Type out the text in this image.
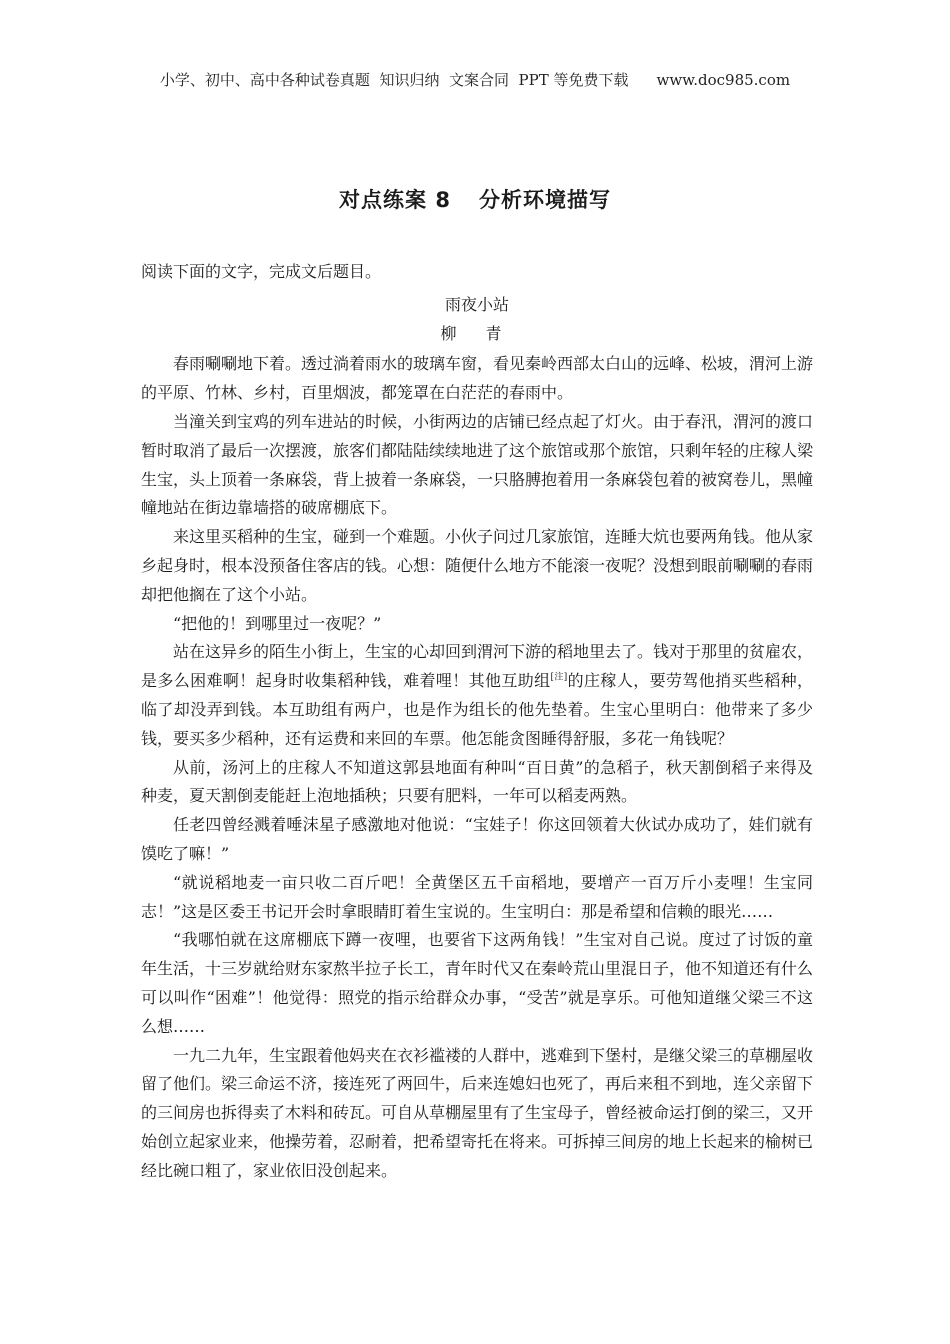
小学、初中、高中各种试卷真题  知识归纳  文案合同  PPT 等免费下载 www.doc985.com
对点练案 8 分析环境描写

阅读下面的文字，完成文后题目。

雨夜小站

柳 青

春雨唰唰地下着。透过淌着雨水的玻璃车窗，看见秦岭西部太白山的远峰、松坡，渭河上游的平原、竹林、乡村，百里烟波，都笼罩在白茫茫的春雨中。

当潼关到宝鸡的列车进站的时候，小街两边的店铺已经点起了灯火。由于春汛，渭河的渡口暂时取消了最后一次摆渡，旅客们都陆陆续续地进了这个旅馆或那个旅馆，只剩年轻的庄稼人梁生宝，头上顶着一条麻袋，背上披着一条麻袋，一只胳膊抱着用一条麻袋包着的被窝卷儿，黑幢幢地站在街边靠墙搭的破席棚底下。

来这里买稻种的生宝，碰到一个难题。小伙子问过几家旅馆，连睡大炕也要两角钱。他从家乡起身时，根本没预备住客店的钱。心想：随便什么地方不能滚一夜呢？没想到眼前唰唰的春雨却把他搁在了这个小站。

“把他的！到哪里过一夜呢？”

站在这异乡的陌生小街上，生宝的心却回到渭河下游的稻地里去了。钱对于那里的贫雇农，是多么困难啊！起身时收集稻种钱，难着哩！其他互助组[注]的庄稼人，要劳驾他捎买些稻种，临了却没弄到钱。本互助组有两户，也是作为组长的他先垫着。生宝心里明白：他带来了多少钱，要买多少稻种，还有运费和来回的车票。他怎能贪图睡得舒服，多花一角钱呢？

从前，汤河上的庄稼人不知道这郭县地面有种叫“百日黄”的急稻子，秋天割倒稻子来得及种麦，夏天割倒麦能赶上泡地插秧；只要有肥料，一年可以稻麦两熟。

任老四曾经溅着唾沫星子感激地对他说：“宝娃子！你这回领着大伙试办成功了，娃们就有馍吃了嘛！”

“就说稻地麦一亩只收二百斤吧！全黄堡区五千亩稻地，要增产一百万斤小麦哩！生宝同志！”这是区委王书记开会时拿眼睛盯着生宝说的。生宝明白：那是希望和信赖的眼光……

“我哪怕就在这席棚底下蹲一夜哩，也要省下这两角钱！”生宝对自己说。度过了讨饭的童年生活，十三岁就给财东家熬半拉子长工，青年时代又在秦岭荒山里混日子，他不知道还有什么可以叫作“困难”！他觉得：照党的指示给群众办事，“受苦”就是享乐。可他知道继父梁三不这么想……

一九二九年，生宝跟着他妈夹在衣衫褴褛的人群中，逃难到下堡村，是继父梁三的草棚屋收留了他们。梁三命运不济，接连死了两回牛，后来连媳妇也死了，再后来租不到地，连父亲留下的三间房也拆得卖了木料和砖瓦。可自从草棚屋里有了生宝母子，曾经被命运打倒的梁三，又开始创立起家业来，他操劳着，忍耐着，把希望寄托在将来。可拆掉三间房的地上长起来的榆树已经比碗口粗了，家业依旧没创起来。
